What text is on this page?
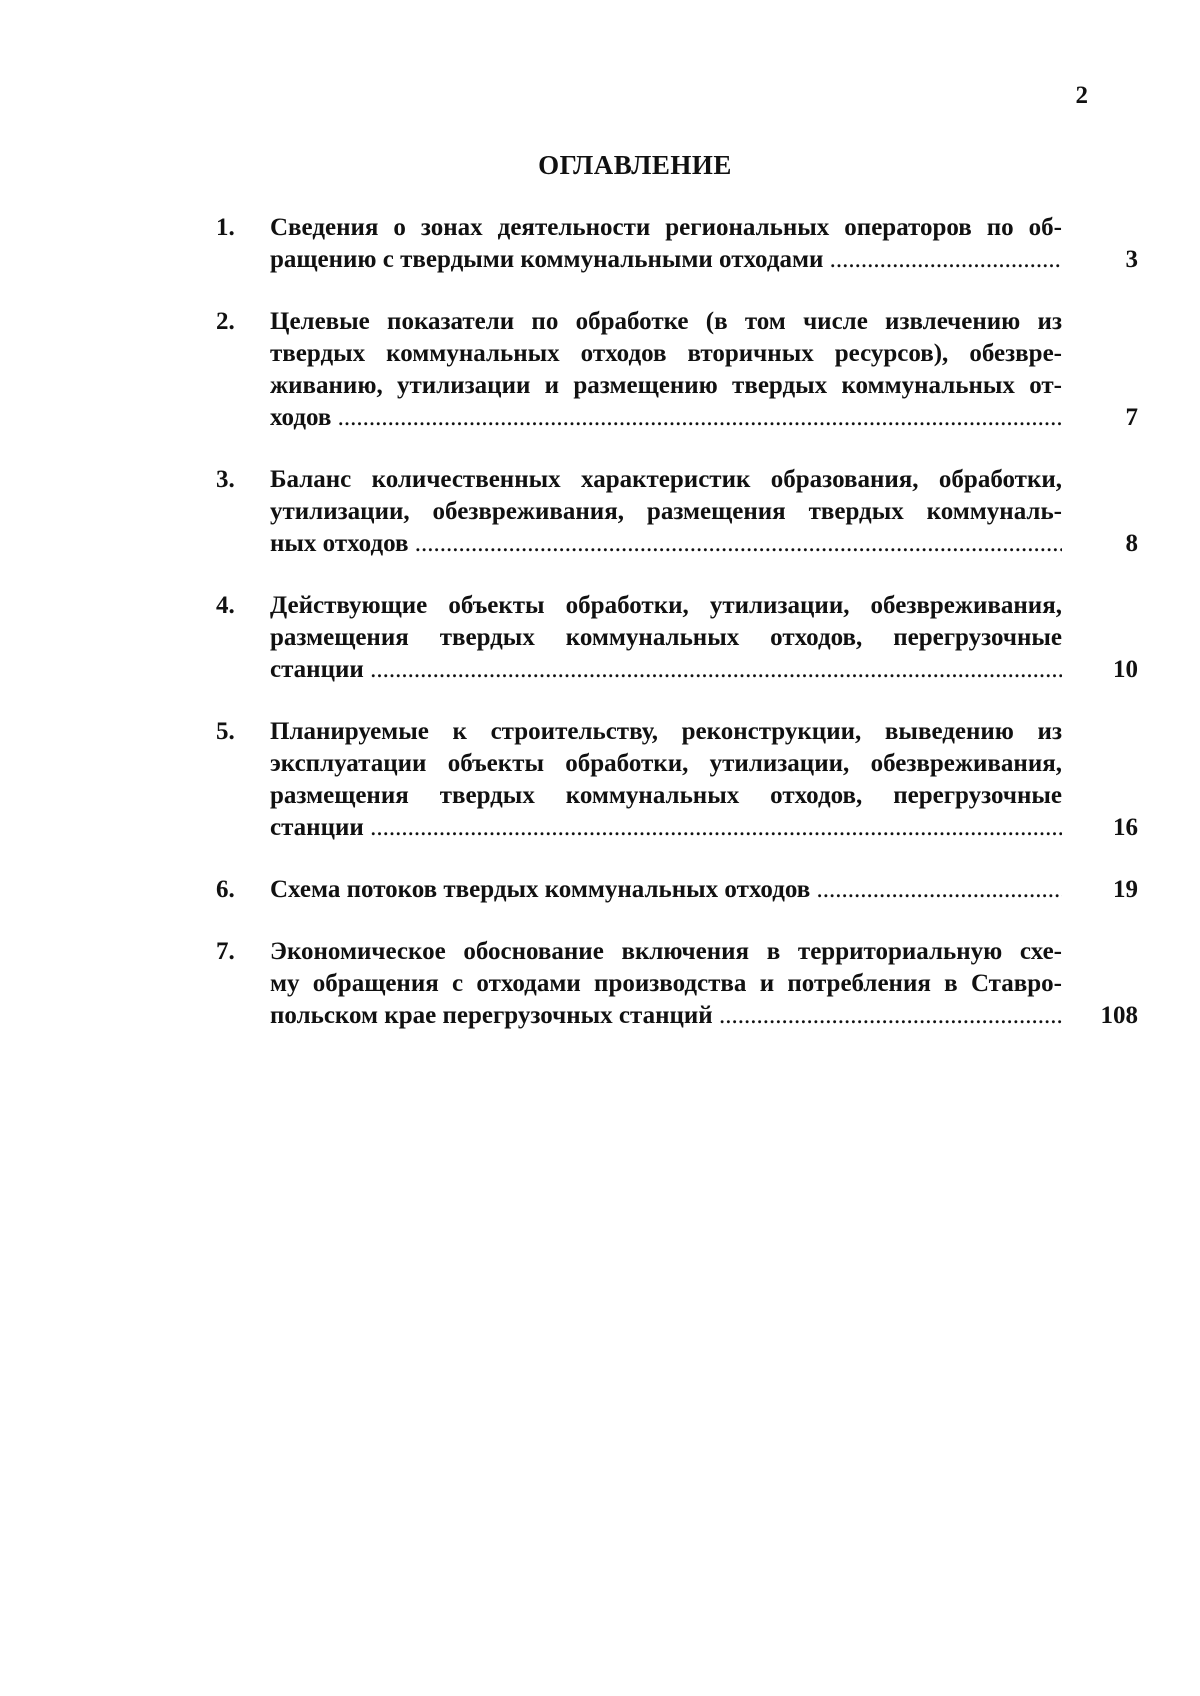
2
ОГЛАВЛЕНИЕ
1.	Сведения о зонах деятельности региональных операторов по об-
ращению с твердыми коммунальными отходами .....	3
2.	Целевые показатели по обработке (в том числе извлечению из
твердых коммунальных отходов вторичных ресурсов), обезвре-
живанию, утилизации и размещению твердых коммунальных от-
ходов .....	7
3.	Баланс количественных характеристик образования, обработки,
утилизации, обезвреживания, размещения твердых коммуналь-
ных отходов .....	8
4.	Действующие объекты обработки, утилизации, обезвреживания,
размещения твердых коммунальных отходов, перегрузочные
станции .....	10
5.	Планируемые к строительству, реконструкции, выведению из
эксплуатации объекты обработки, утилизации, обезвреживания,
размещения твердых коммунальных отходов, перегрузочные
станции .....	16
6.	Схема потоков твердых коммунальных отходов .....	19
7.	Экономическое обоснование включения в территориальную схе-
му обращения с отходами производства и потребления в Ставро-
польском крае перегрузочных станций .....	108
